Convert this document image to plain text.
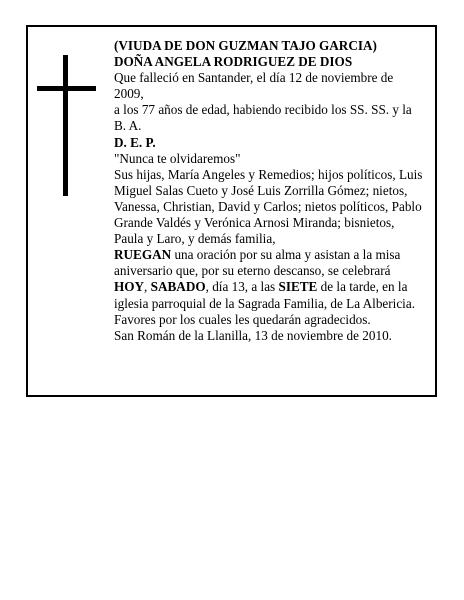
(VIUDA DE DON GUZMAN TAJO GARCIA)

DOÑA ANGELA RODRIGUEZ DE DIOS

Que falleció en Santander, el día 12 de noviembre de 2009,

a los 77 años de edad, habiendo recibido los SS. SS. y la B. A.

D. E. P.

"Nunca te olvidaremos"

Sus hijas, María Angeles y Remedios; hijos políticos, Luis Miguel Salas Cueto y José Luis Zorrilla Gómez; nietos, Vanessa, Christian, David y Carlos; nietos políticos, Pablo Grande Valdés y Verónica Arnosi Miranda; bisnietos, Paula y Laro, y demás familia,

RUEGAN una oración por su alma y asistan a la misa aniversario que, por su eterno descanso, se celebrará HOY, SABADO, día 13, a las SIETE de la tarde, en la iglesia parroquial de la Sagrada Familia, de La Albericia. Favores por los cuales les quedarán agradecidos.

San Román de la Llanilla, 13 de noviembre de 2010.
